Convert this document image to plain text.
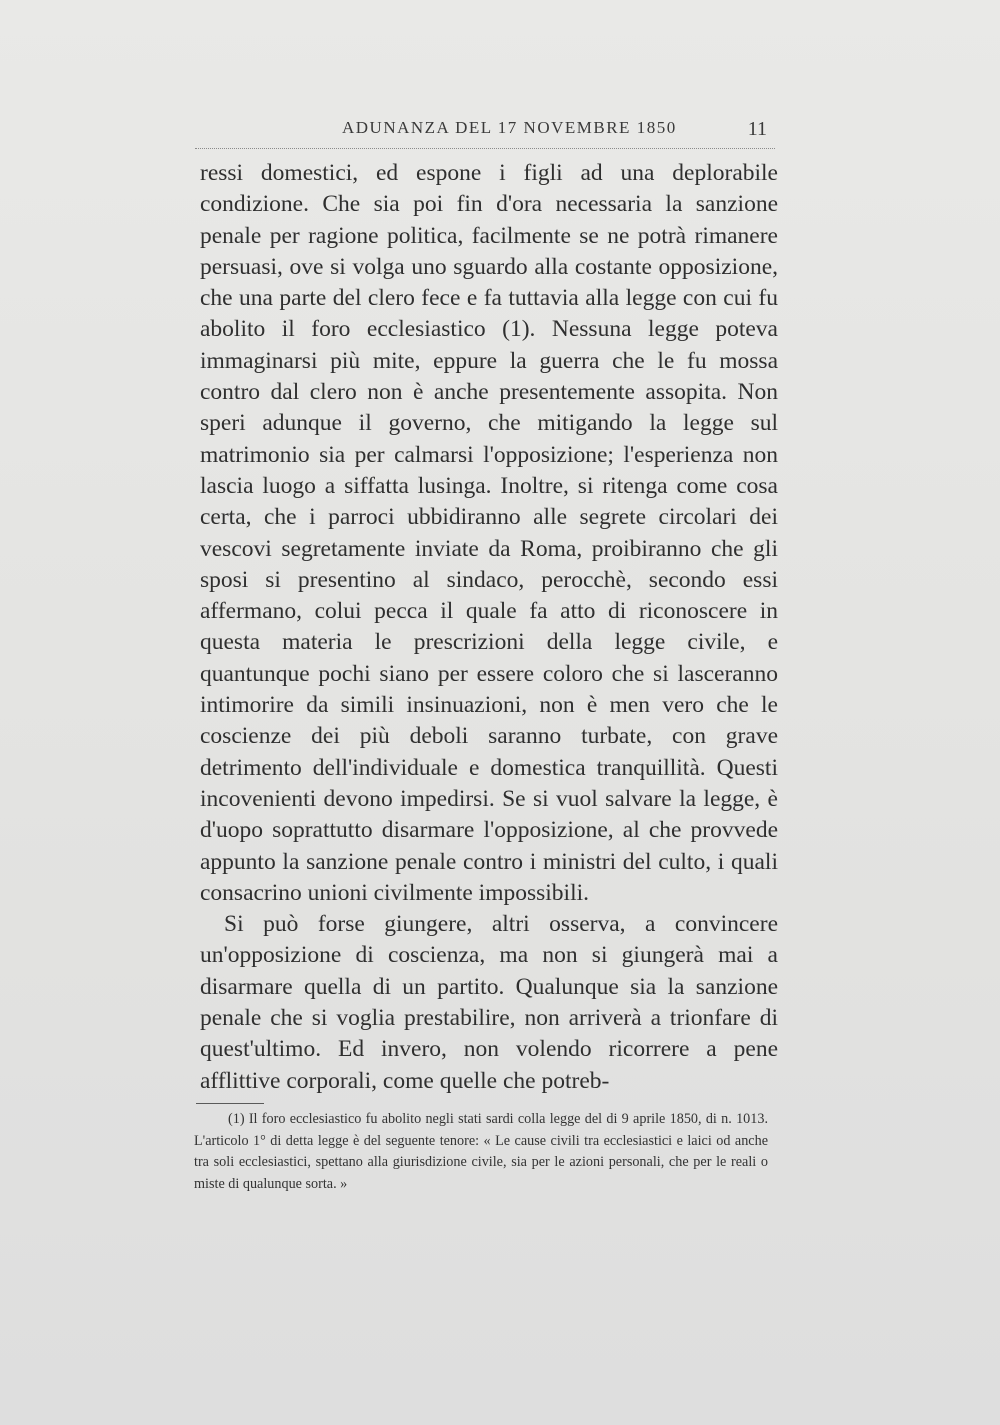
ADUNANZA DEL 17 NOVEMBRE 1850	11

ressi domestici, ed espone i figli ad una deplorabile condizione. Che sia poi fin d'ora necessaria la sanzione penale per ragione politica, facilmente se ne potrà rimanere persuasi, ove si volga uno sguardo alla costante opposizione, che una parte del clero fece e fa tuttavia alla legge con cui fu abolito il foro ecclesiastico (1). Nessuna legge poteva immaginarsi più mite, eppure la guerra che le fu mossa contro dal clero non è anche presentemente assopita. Non speri adunque il governo, che mitigando la legge sul matrimonio sia per calmarsi l'opposizione; l'esperienza non lascia luogo a siffatta lusinga. Inoltre, si ritenga come cosa certa, che i parroci ubbidiranno alle segrete circolari dei vescovi segretamente inviate da Roma, proibiranno che gli sposi si presentino al sindaco, perocchè, secondo essi affermano, colui pecca il quale fa atto di riconoscere in questa materia le prescrizioni della legge civile, e quantunque pochi siano per essere coloro che si lasceranno intimorire da simili insinuazioni, non è men vero che le coscienze dei più deboli saranno turbate, con grave detrimento dell'individuale e domestica tranquillità. Questi incovenienti devono impedirsi. Se si vuol salvare la legge, è d'uopo soprattutto disarmare l'opposizione, al che provvede appunto la sanzione penale contro i ministri del culto, i quali consacrino unioni civilmente impossibili.

Si può forse giungere, altri osserva, a convincere un'opposizione di coscienza, ma non si giungerà mai a disarmare quella di un partito. Qualunque sia la sanzione penale che si voglia prestabilire, non arriverà a trionfare di quest'ultimo. Ed invero, non volendo ricorrere a pene afflittive corporali, come quelle che potreb-

(1) Il foro ecclesiastico fu abolito negli stati sardi colla legge del di 9 aprile 1850, di n. 1013. L'articolo 1° di detta legge è del seguente tenore: « Le cause civili tra ecclesiastici e laici od anche tra soli ecclesiastici, spettano alla giurisdizione civile, sia per le azioni personali, che per le reali o miste di qualunque sorta. »
